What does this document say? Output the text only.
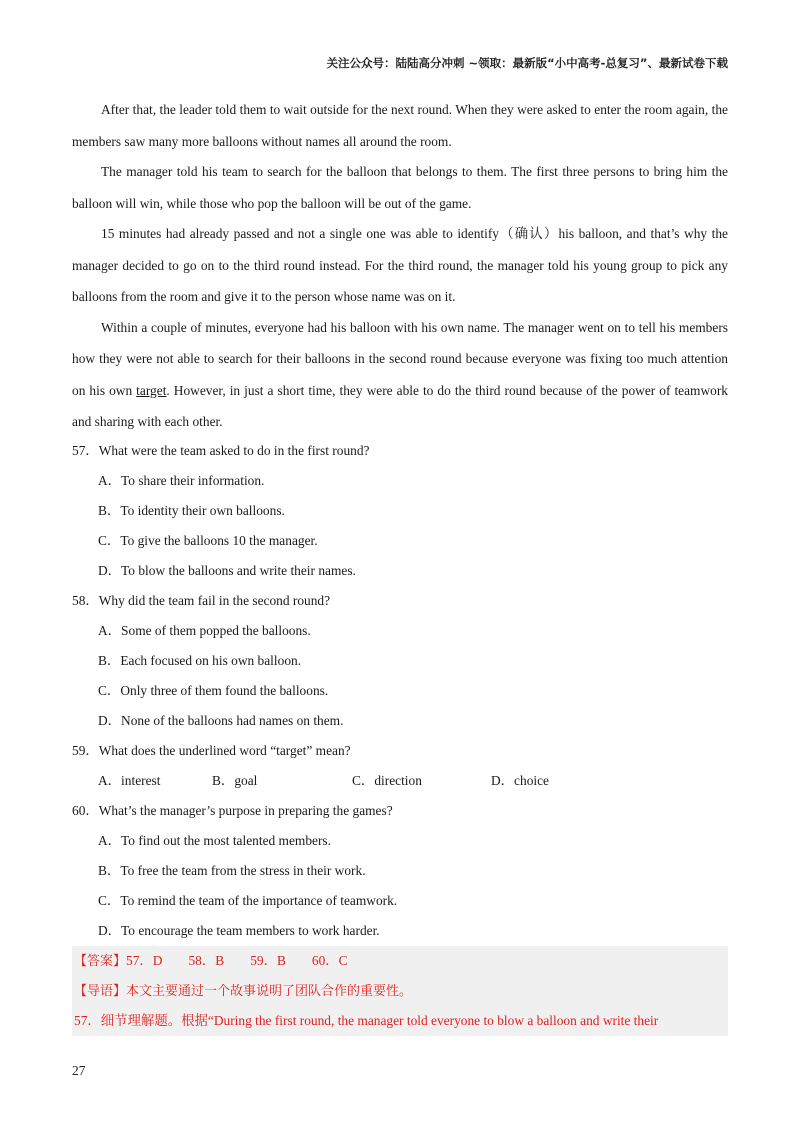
关注公众号：陆陆高分冲刺 ~领取：最新版“小中高考-总复习”、最新试卷下载

After that, the leader told them to wait outside for the next round. When they were asked to enter the room again, the members saw many more balloons without names all around the room.

The manager told his team to search for the balloon that belongs to them. The first three persons to bring him the balloon will win, while those who pop the balloon will be out of the game.

15 minutes had already passed and not a single one was able to identify（确认）his balloon, and that’s why the manager decided to go on to the third round instead. For the third round, the manager told his young group to pick any balloons from the room and give it to the person whose name was on it.

Within a couple of minutes, everyone had his balloon with his own name. The manager went on to tell his members how they were not able to search for their balloons in the second round because everyone was fixing too much attention on his own target. However, in just a short time, they were able to do the third round because of the power of teamwork and sharing with each other.

57．What were the team asked to do in the first round?

A．To share their information.

B．To identity their own balloons.

C．To give the balloons 10 the manager.

D．To blow the balloons and write their names.

58．Why did the team fail in the second round?

A．Some of them popped the balloons.

B．Each focused on his own balloon.

C．Only three of them found the balloons.

D．None of the balloons had names on them.

59．What does the underlined word “target” mean?

A．interest	B．goal	C．direction	D．choice

60．What’s the manager’s purpose in preparing the games?

A．To find out the most talented members.

B．To free the team from the stress in their work.

C．To remind the team of the importance of teamwork.

D．To encourage the team members to work harder.

【答案】57．D 58．B 59．B 60．C

【导语】本文主要通过一个故事说明了团队合作的重要性。

57．细节理解题。根据“During the first round, the manager told everyone to blow a balloon and write their

27
